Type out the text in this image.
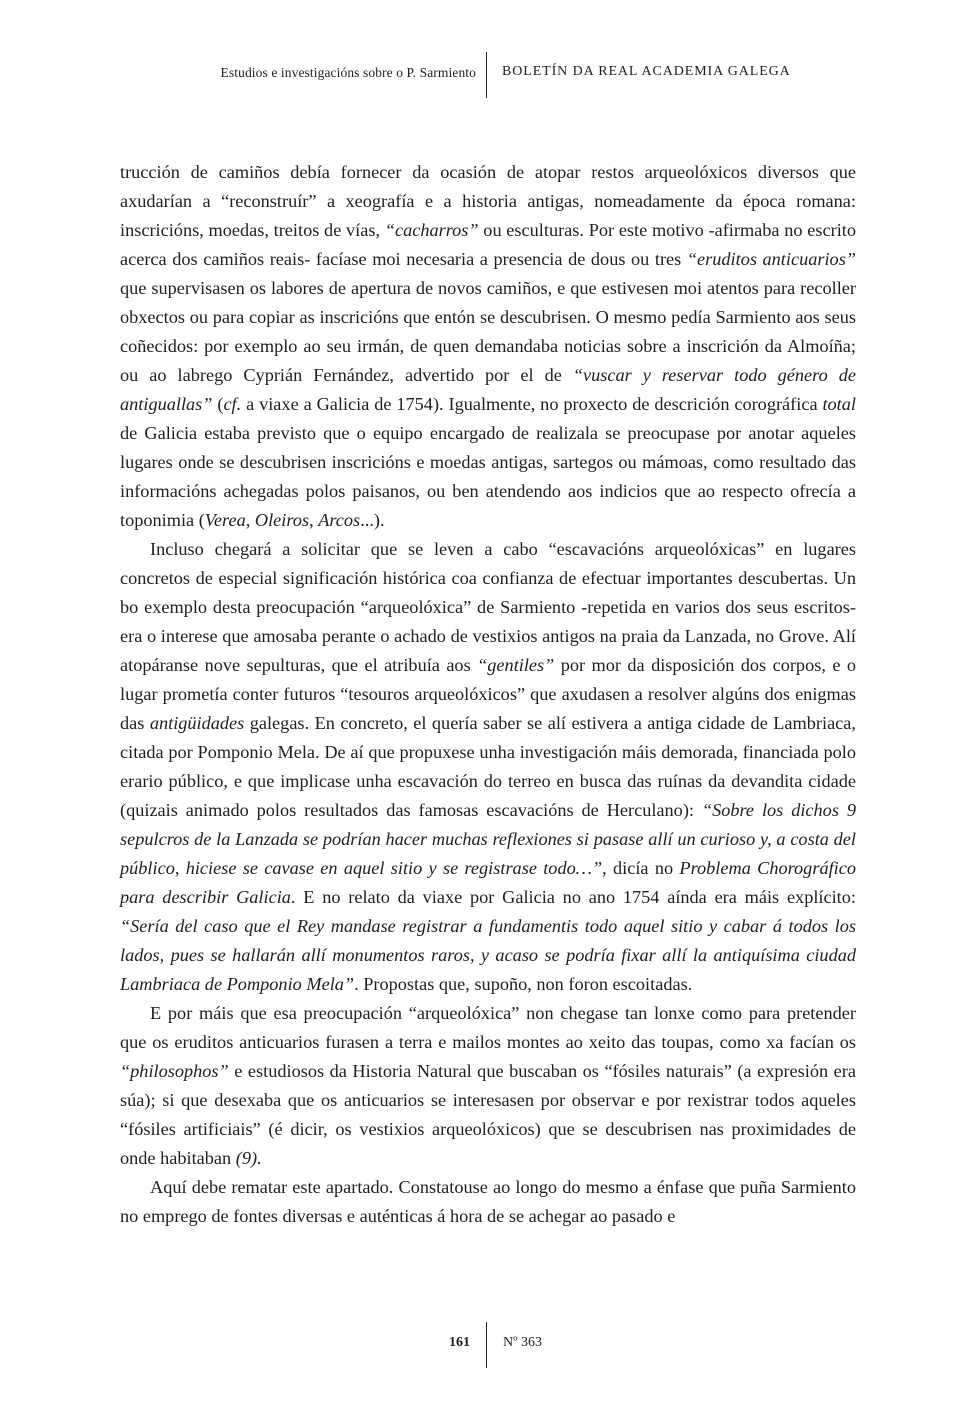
Estudios e investigacións sobre o P. Sarmiento BOLETÍN DA REAL ACADEMIA GALEGA

trucción de camiños debía fornecer da ocasión de atopar restos arqueolóxicos diversos que axudarían a “reconstruír” a xeografía e a historia antigas, nomeadamente da época romana: inscricións, moedas, treitos de vías, “cacharros” ou esculturas. Por este motivo -afirmaba no escrito acerca dos camiños reais- facíase moi necesaria a presencia de dous ou tres “eruditos anticuarios” que supervisasen os labores de apertura de novos camiños, e que estivesen moi atentos para recoller obxectos ou para copiar as inscricións que entón se descubrisen. O mesmo pedía Sarmiento aos seus coñecidos: por exemplo ao seu irmán, de quen demandaba noticias sobre a inscrición da Almoíña; ou ao labrego Cyprián Fernández, advertido por el de “vuscar y reservar todo género de antiguallas” (cf. a viaxe a Galicia de 1754). Igualmente, no proxecto de descrición corográfica total de Galicia estaba previsto que o equipo encargado de realizala se preocupase por anotar aqueles lugares onde se descubrisen inscricións e moedas antigas, sartegos ou mámoas, como resultado das informacións achegadas polos paisanos, ou ben atendendo aos indicios que ao respecto ofrecía a toponimia (Verea, Oleiros, Arcos...).

Incluso chegará a solicitar que se leven a cabo “escavacións arqueolóxicas” en lugares concretos de especial significación histórica coa confianza de efectuar importantes descubertas. Un bo exemplo desta preocupación “arqueolóxica” de Sarmiento -repetida en varios dos seus escritos- era o interese que amosaba perante o achado de vestixios antigos na praia da Lanzada, no Grove. Alí atopáranse nove sepulturas, que el atribuía aos “gentiles” por mor da disposición dos corpos, e o lugar prometía conter futuros “tesouros arqueolóxicos” que axudasen a resolver algúns dos enigmas das antigüidades galegas. En concreto, el quería saber se alí estivera a antiga cidade de Lambriaca, citada por Pomponio Mela. De aí que propuxese unha investigación máis demorada, financiada polo erario público, e que implicase unha escavación do terreo en busca das ruínas da devandita cidade (quizais animado polos resultados das famosas escavacións de Herculano): “Sobre los dichos 9 sepulcros de la Lanzada se podrían hacer muchas reflexiones si pasase allí un curioso y, a costa del público, hiciese se cavase en aquel sitio y se registrase todo…”, dicía no Problema Chorográfico para describir Galicia. E no relato da viaxe por Galicia no ano 1754 aínda era máis explícito: “Sería del caso que el Rey mandase registrar a fundamentis todo aquel sitio y cabar á todos los lados, pues se hallarán allí monumentos raros, y acaso se podría fixar allí la antiquísima ciudad Lambriaca de Pomponio Mela”. Propostas que, supoño, non foron escoitadas.

E por máis que esa preocupación “arqueolóxica” non chegase tan lonxe como para pretender que os eruditos anticuarios furasen a terra e mailos montes ao xeito das toupas, como xa facían os “philosophos” e estudiosos da Historia Natural que buscaban os “fósiles naturais” (a expresión era súa); si que desexaba que os anticuarios se interesasen por observar e por rexistrar todos aqueles “fósiles artificiais” (é dicir, os vestixios arqueolóxicos) que se descubrisen nas proximidades de onde habitaban (9).

Aquí debe rematar este apartado. Constatouse ao longo do mesmo a énfase que puña Sarmiento no emprego de fontes diversas e auténticas á hora de se achegar ao pasado e

161 Nº 363
